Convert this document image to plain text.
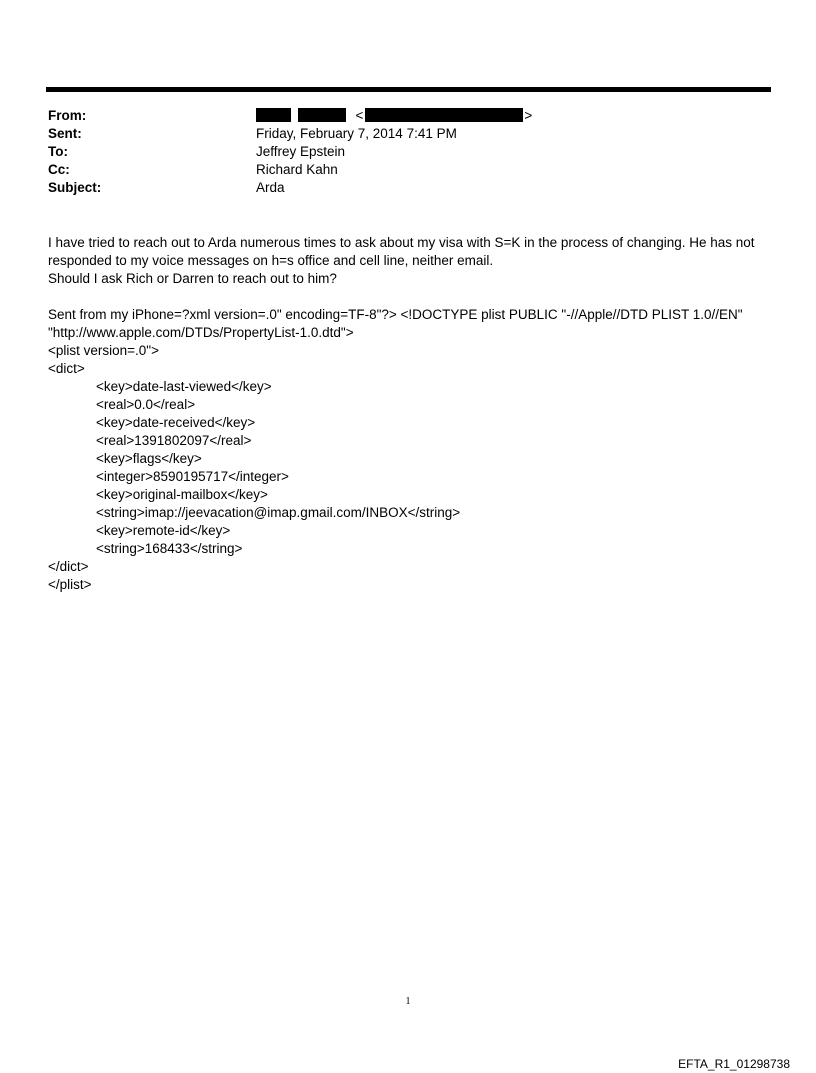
From:	<	>
Sent:	Friday, February 7, 2014 7:41 PM
To:	Jeffrey Epstein
Cc:	Richard Kahn
Subject:	Arda
I have tried to reach out to Arda numerous times to ask about my visa with S=K in the process of changing. He has not
responded to my voice messages on h=s office and cell line, neither email.
Should I ask Rich or Darren to reach out to him?
Sent from my iPhone=?xml version=.0" encoding=TF-8"?> <!DOCTYPE plist PUBLIC "-//Apple//DTD PLIST 1.0//EN"
"http://www.apple.com/DTDs/PropertyList-1.0.dtd">
<plist version=.0">
<dict>
<key>date-last-viewed</key>
<real>0.0</real>
<key>date-received</key>
<real>1391802097</real>
<key>flags</key>
<integer>8590195717</integer>
<key>original-mailbox</key>
<string>imap://jeevacation@imap.gmail.com/INBOX</string>
<key>remote-id</key>
<string>168433</string>
</dict>
</plist>
1
EFTA_R1_01298738
